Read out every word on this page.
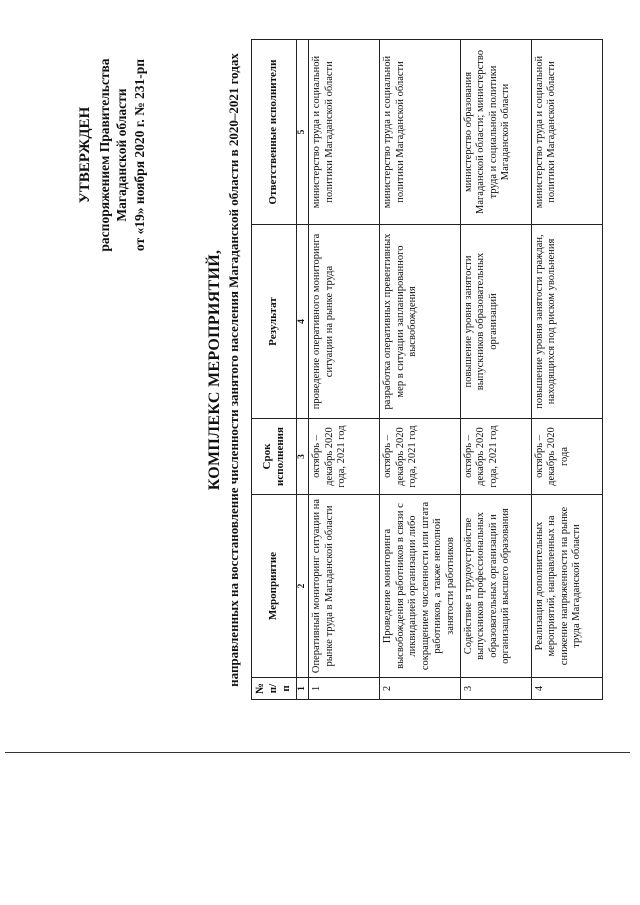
УТВЕРЖДЕН распоряжением Правительства Магаданской области от «19» ноября 2020 г. № 231-рп
КОМПЛЕКС МЕРОПРИЯТИЙ, направленных на восстановление численности занятого населения Магаданской области в 2020–2021 годах
№ п/п	Мероприятие	Срок исполнения	Результат	Ответственные исполнители
1	2	3	4	5
1	Оперативный мониторинг ситуации на рынке труда в Магаданской области	октябрь – декабрь 2020 года, 2021 год	проведение оперативного мониторинга ситуации на рынке труда	министерство труда и социальной политики Магаданской области
2	Проведение мониторинга высвобождения работников в связи с ликвидацией организации либо сокращением численности или штата работников, а также неполной занятости работников	октябрь – декабрь 2020 года, 2021 год	разработка оперативных превентивных мер в ситуации запланированного высвобождения	министерство труда и социальной политики Магаданской области
3	Содействие в трудоустройстве выпускников профессиональных образовательных организаций и организаций высшего образования	октябрь – декабрь 2020 года, 2021 год	повышение уровня занятости выпускников образовательных организаций	министерство образования Магаданской области; министерство труда и социальной политики Магаданской области
4	Реализация дополнительных мероприятий, направленных на снижение напряженности на рынке труда Магаданской области	октябрь – декабрь 2020 года	повышение уровня занятости граждан, находящихся под риском увольнения	министерство труда и социальной политики Магаданской области
